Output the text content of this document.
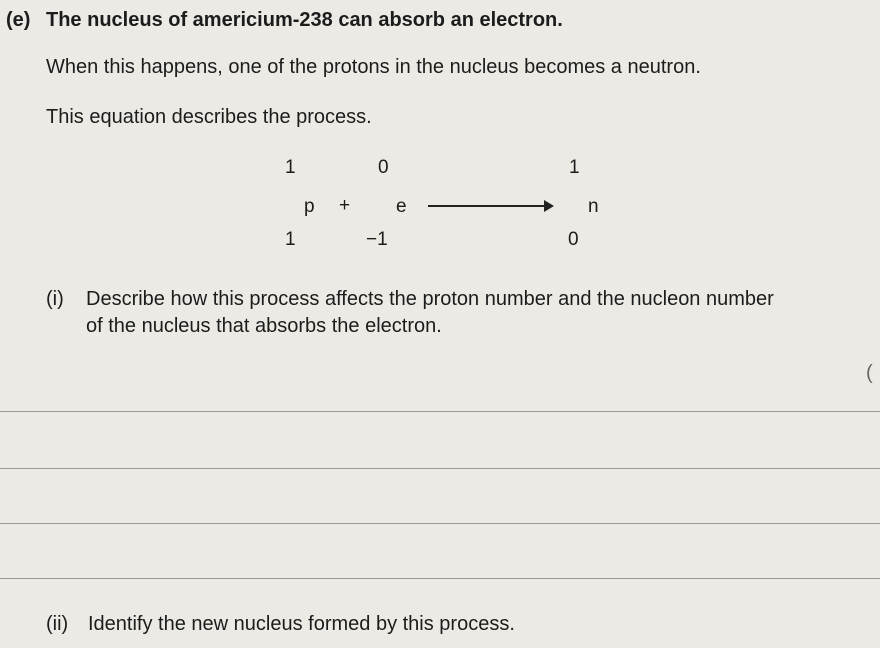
(e) The nucleus of americium-238 can absorb an electron.
When this happens, one of the protons in the nucleus becomes a neutron.
This equation describes the process.
1
p
1
+
0
e
−1
1
n
0
(i) Describe how this process affects the proton number and the nucleon number
of the nucleus that absorbs the electron.
(
(ii) Identify the new nucleus formed by this process.
